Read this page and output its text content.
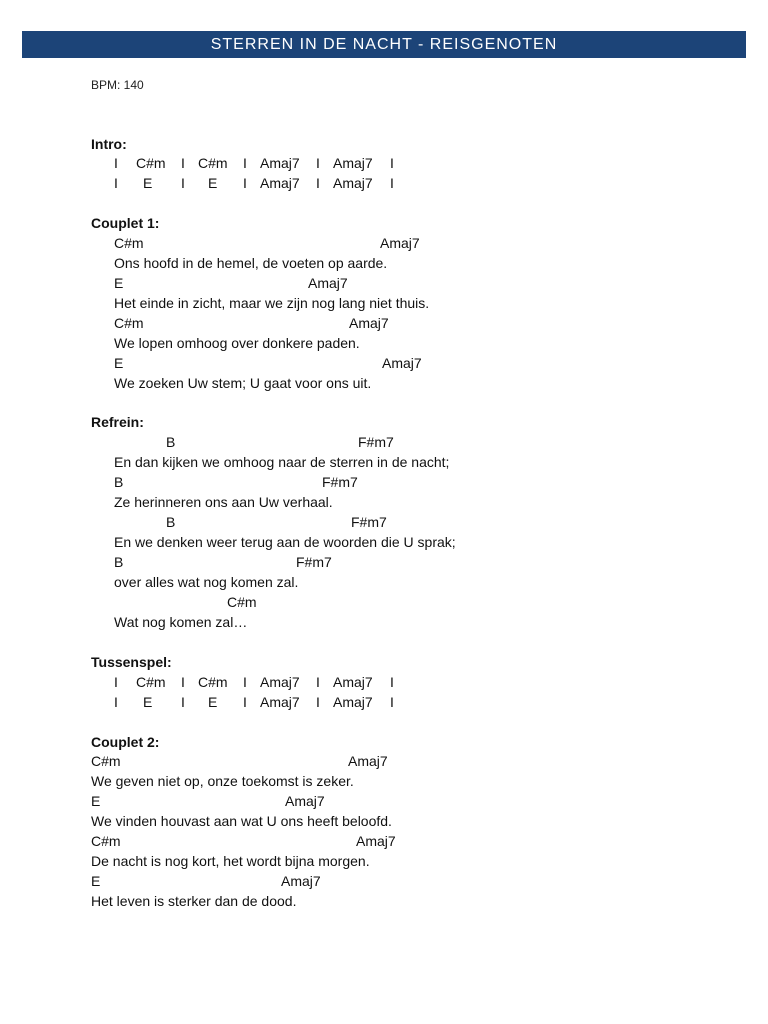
STERREN IN DE NACHT - REISGENOTEN
BPM: 140
Intro:
I C#m I C#m I Amaj7 I Amaj7 I
I E I E I Amaj7 I Amaj7 I
Couplet 1:
C#m	Amaj7
Ons hoofd in de hemel, de voeten op aarde.
E	Amaj7
Het einde in zicht, maar we zijn nog lang niet thuis.
C#m	Amaj7
We lopen omhoog over donkere paden.
E	Amaj7
We zoeken Uw stem; U gaat voor ons uit.
Refrein:
B	F#m7
En dan kijken we omhoog naar de sterren in de nacht;
B	F#m7
Ze herinneren ons aan Uw verhaal.
B	F#m7
En we denken weer terug aan de woorden die U sprak;
B	F#m7
over alles wat nog komen zal.
C#m
Wat nog komen zal…
Tussenspel:
I C#m I C#m I Amaj7 I Amaj7 I
I E I E I Amaj7 I Amaj7 I
Couplet 2:
C#m	Amaj7
We geven niet op, onze toekomst is zeker.
E	Amaj7
We vinden houvast aan wat U ons heeft beloofd.
C#m	Amaj7
De nacht is nog kort, het wordt bijna morgen.
E	Amaj7
Het leven is sterker dan de dood.
